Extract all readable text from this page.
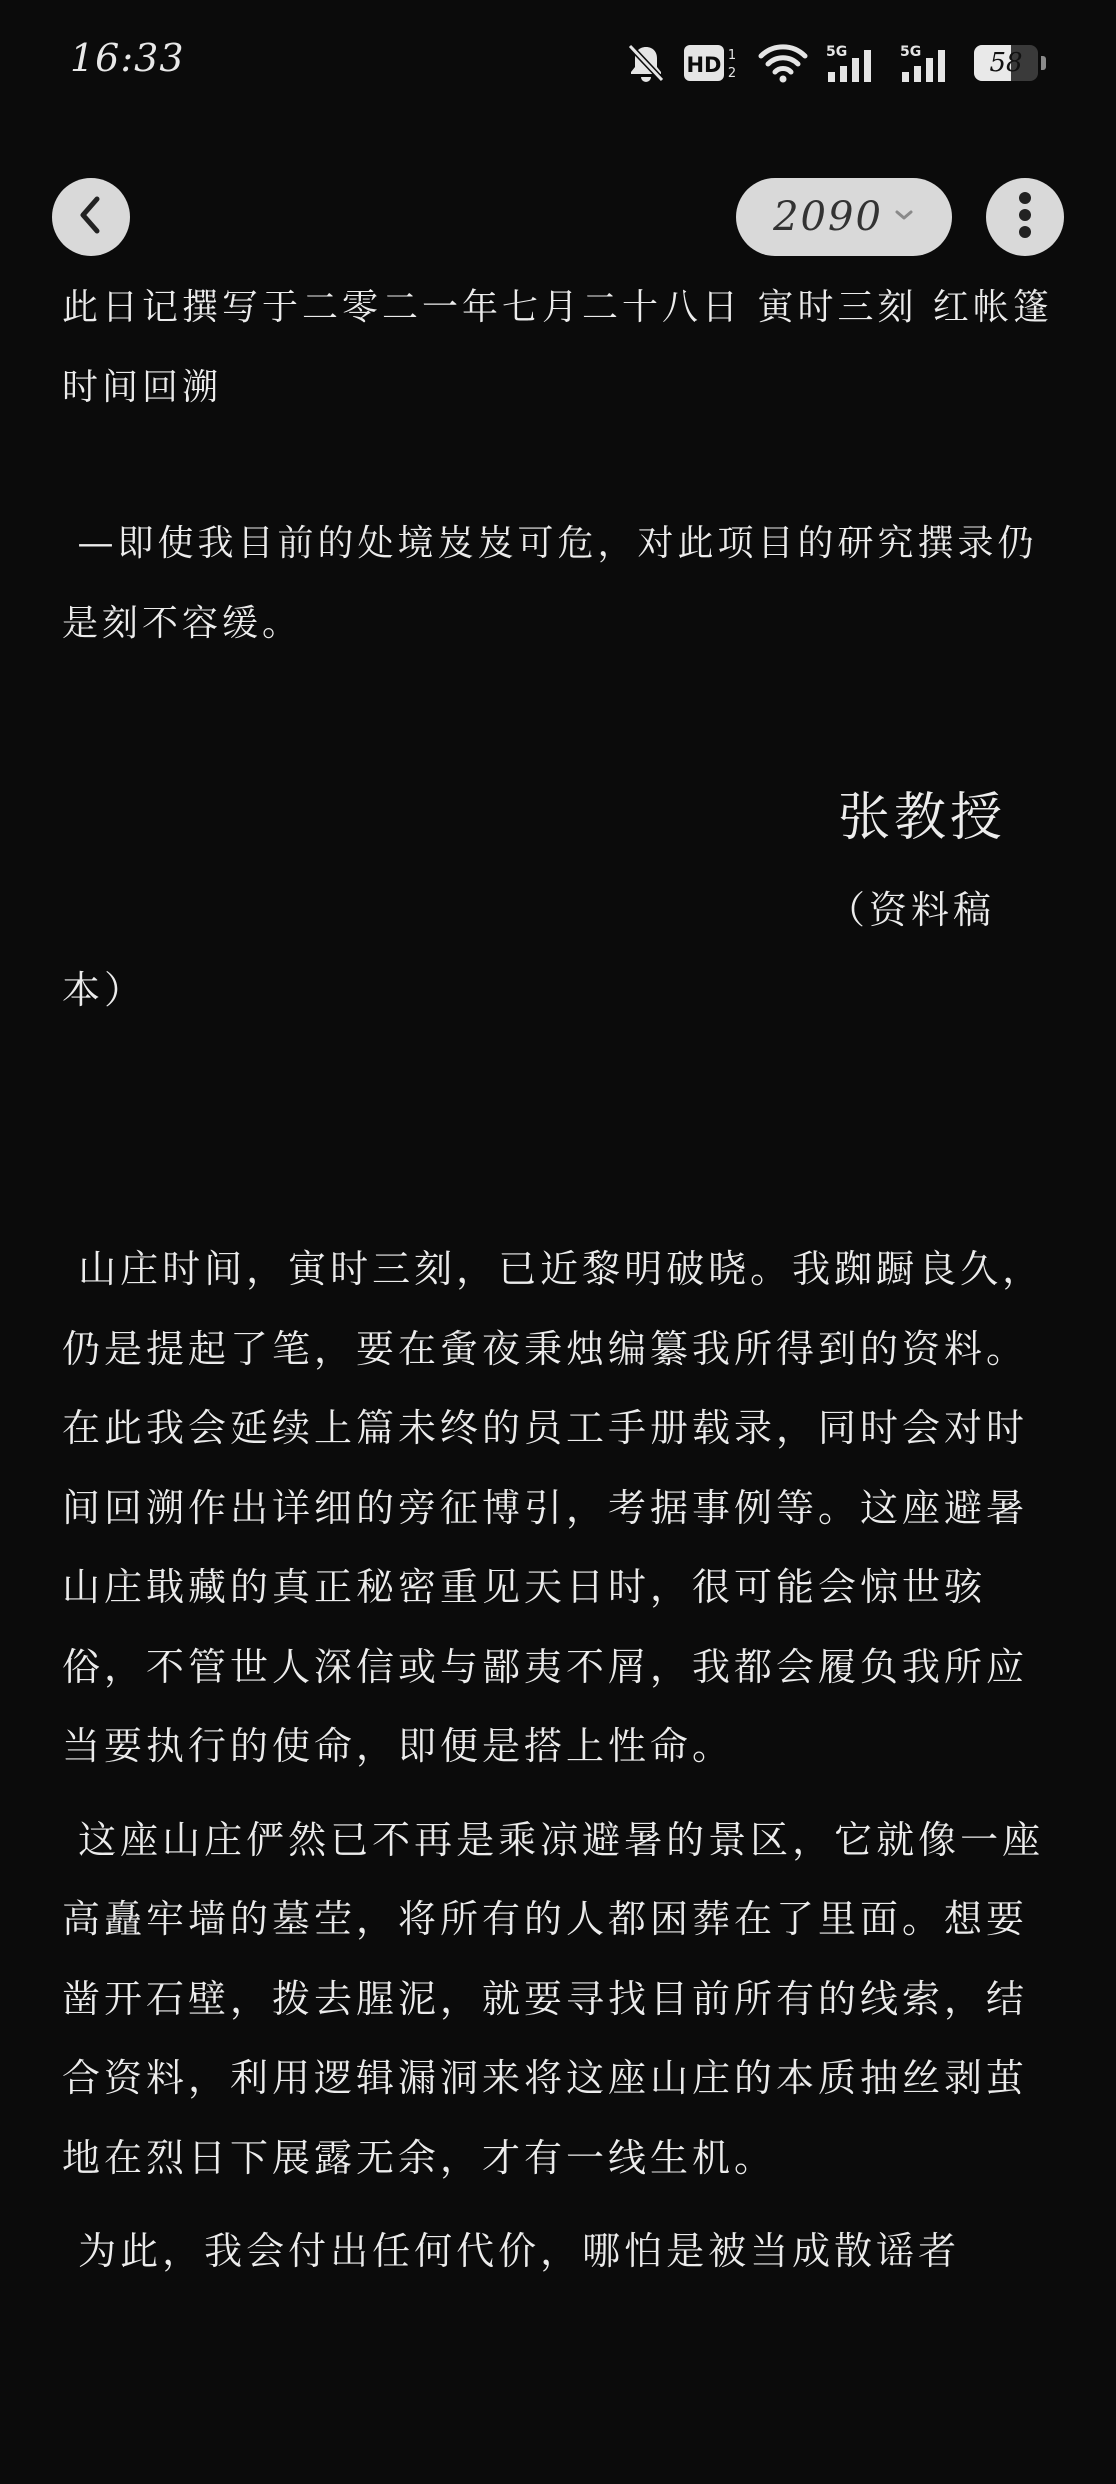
16:33	HD 1
2
5G	5G	58
2090

此日记撰写于二零二一年七月二十八日 寅时三刻 红帐篷 时间回溯

—即使我目前的处境岌岌可危，对此项目的研究撰录仍是刻不容缓。

张教授

（资料稿本）

山庄时间，寅时三刻，已近黎明破晓。我踟蹰良久，仍是提起了笔，要在夤夜秉烛编纂我所得到的资料。在此我会延续上篇未终的员工手册载录，同时会对时间回溯作出详细的旁征博引，考据事例等。这座避暑山庄戢藏的真正秘密重见天日时，很可能会惊世骇俗，不管世人深信或与鄙夷不屑，我都会履负我所应当要执行的使命，即便是搭上性命。

这座山庄俨然已不再是乘凉避暑的景区，它就像一座高矗牢墙的墓茔，将所有的人都困葬在了里面。想要凿开石壁，拨去腥泥，就要寻找目前所有的线索，结合资料，利用逻辑漏洞来将这座山庄的本质抽丝剥茧地在烈日下展露无余，才有一线生机。

为此，我会付出任何代价，哪怕是被当成散谣者
